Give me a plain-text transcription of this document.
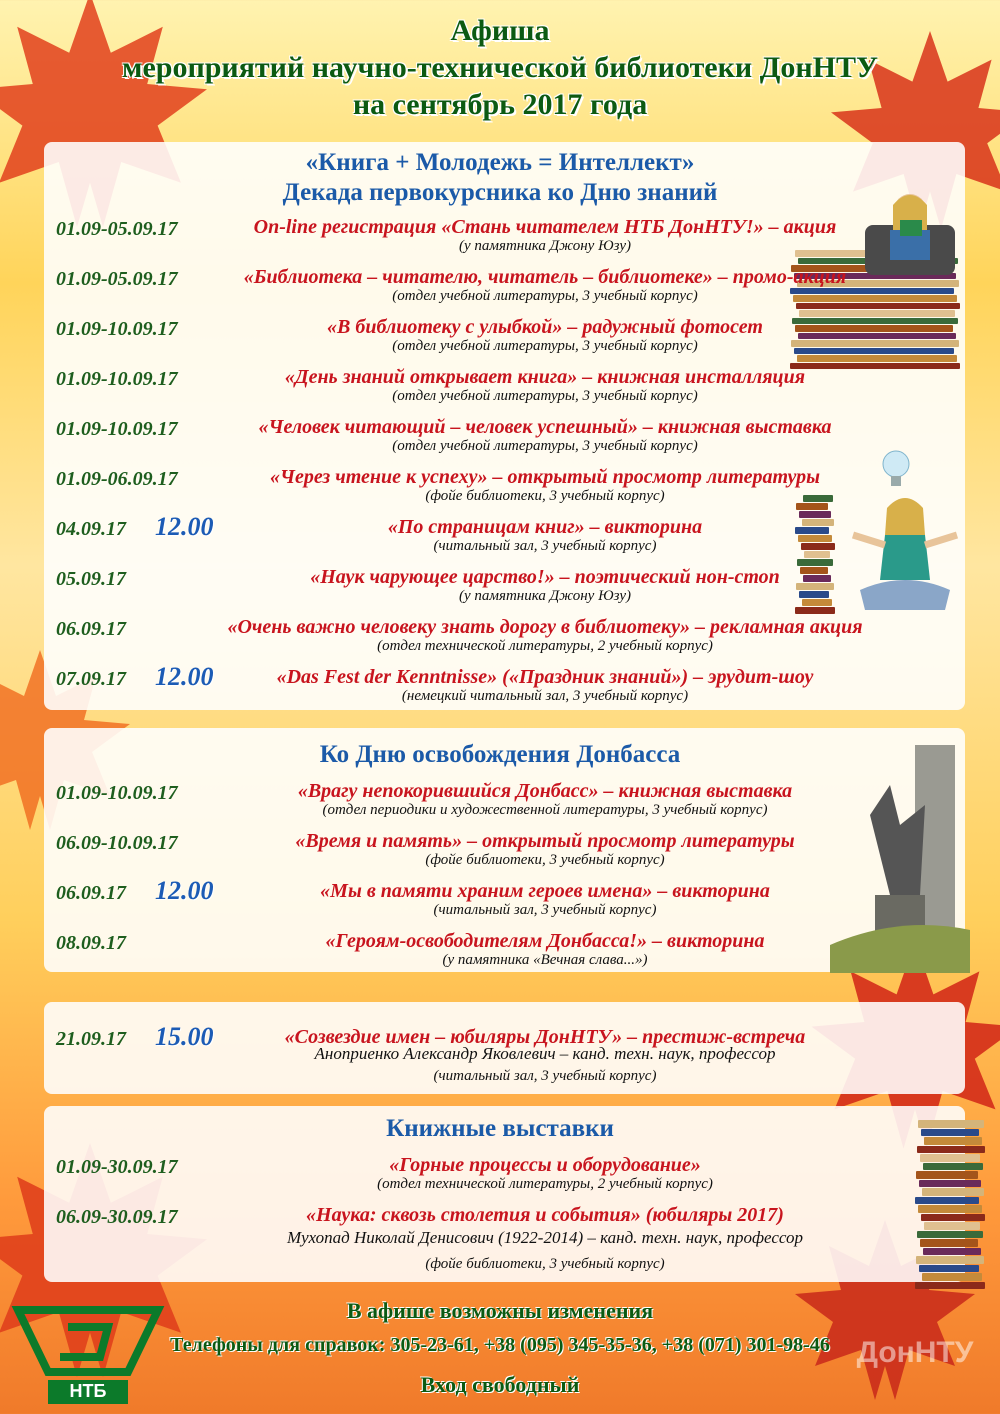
Афиша
мероприятий научно-технической библиотеки ДонНТУ
на сентябрь 2017 года
«Книга + Молодежь = Интеллект»
Декада первокурсника ко Дню знаний
01.09-05.09.17	On-line регистрация «Стань читателем НТБ ДонНТУ!» – акция
(у памятника Джону Юзу)
01.09-05.09.17	«Библиотека – читателю, читатель – библиотеке» – промо-акция
(отдел учебной литературы, 3 учебный корпус)
01.09-10.09.17	«В библиотеку с улыбкой» – радужный фотосет
(отдел учебной литературы, 3 учебный корпус)
01.09-10.09.17	«День знаний открывает книга» – книжная инсталляция
(отдел учебной литературы, 3 учебный корпус)
01.09-10.09.17	«Человек читающий – человек успешный» – книжная выставка
(отдел учебной литературы, 3 учебный корпус)
01.09-06.09.17	«Через чтение к успеху» – открытый просмотр литературы
(фойе библиотеки, 3 учебный корпус)
04.09.17 12.00	«По страницам книг» – викторина
(читальный зал, 3 учебный корпус)
05.09.17	«Наук чарующее царство!» – поэтический нон-стоп
(у памятника Джону Юзу)
06.09.17	«Очень важно человеку знать дорогу в библиотеку» – рекламная акция
(отдел технической литературы, 2 учебный корпус)
07.09.17 12.00	«Das Fest der Kenntnisse» («Праздник знаний») – эрудит-шоу
(немецкий читальный зал, 3 учебный корпус)
Ко Дню освобождения Донбасса
01.09-10.09.17	«Врагу непокорившийся Донбасс» – книжная выставка
(отдел периодики и художественной литературы, 3 учебный корпус)
06.09-10.09.17	«Время и память» – открытый просмотр литературы
(фойе библиотеки, 3 учебный корпус)
06.09.17 12.00	«Мы в памяти храним героев имена» – викторина
(читальный зал, 3 учебный корпус)
08.09.17	«Героям-освободителям Донбасса!» – викторина
(у памятника «Вечная слава...»)
21.09.17 15.00	«Созвездие имен – юбиляры ДонНТУ» – престиж-встреча
Аноприенко Александр Яковлевич – канд. техн. наук, профессор
(читальный зал, 3 учебный корпус)
Книжные выставки
01.09-30.09.17	«Горные процессы и оборудование»
(отдел технической литературы, 2 учебный корпус)
06.09-30.09.17	«Наука: сквозь столетия и события» (юбиляры 2017)
Мухопад Николай Денисович (1922-2014) – канд. техн. наук, профессор
(фойе библиотеки, 3 учебный корпус)
В афише возможны изменения
Телефоны для справок: 305-23-61, +38 (095) 345-35-36, +38 (071) 301-98-46
Вход свободный
НТБ
ДонНТУ
